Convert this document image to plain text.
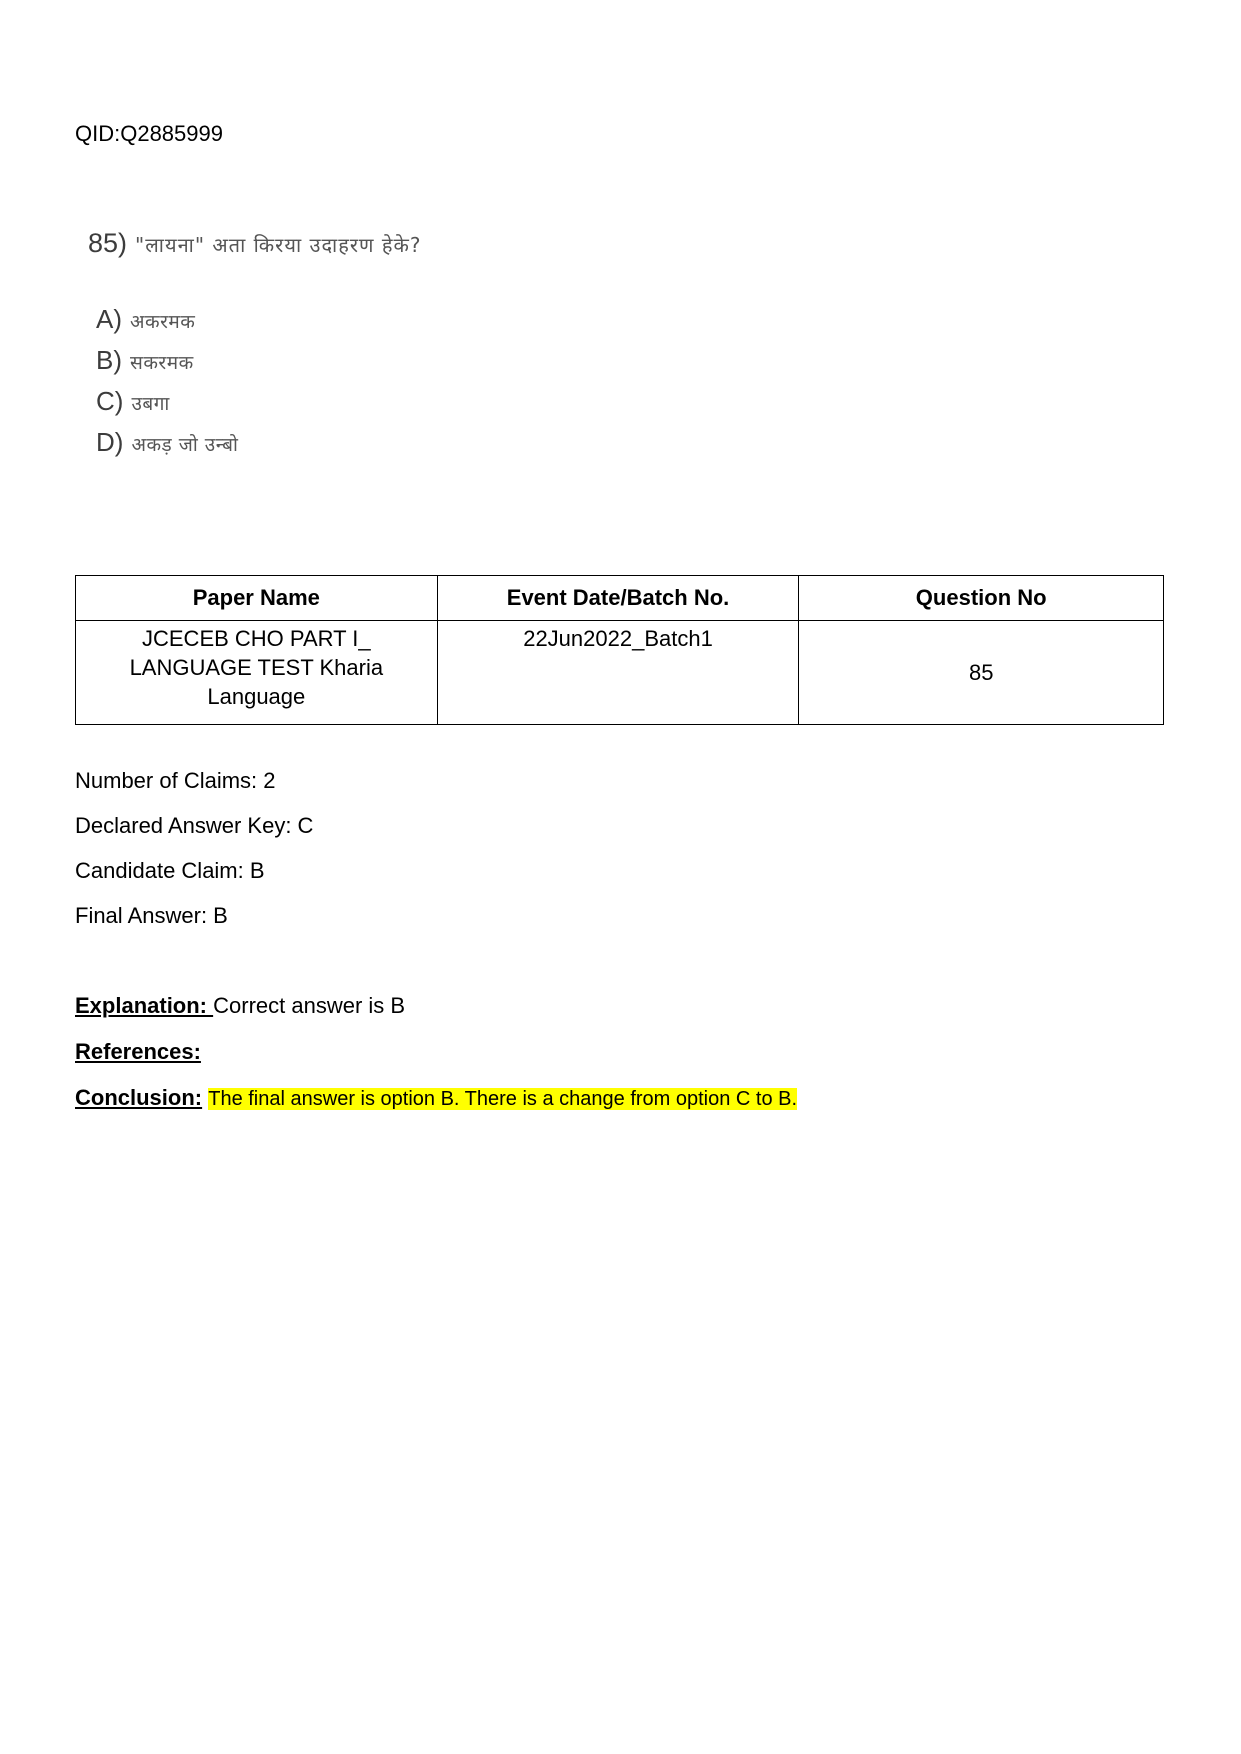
QID:Q2885999
85) "लायना" अता किरया उदाहरण हेके?
A) अकरमक
B) सकरमक
C) उबगा
D) अकड़ जो उन्बो
Paper Name	Event Date/Batch No.	Question No
JCECEB CHO PART I_ LANGUAGE TEST Kharia Language	22Jun2022_Batch1	85
Number of Claims: 2
Declared Answer Key: C
Candidate Claim: B
Final Answer: B
Explanation: Correct answer is B
References:
Conclusion: The final answer is option B. There is a change from option C to B.
